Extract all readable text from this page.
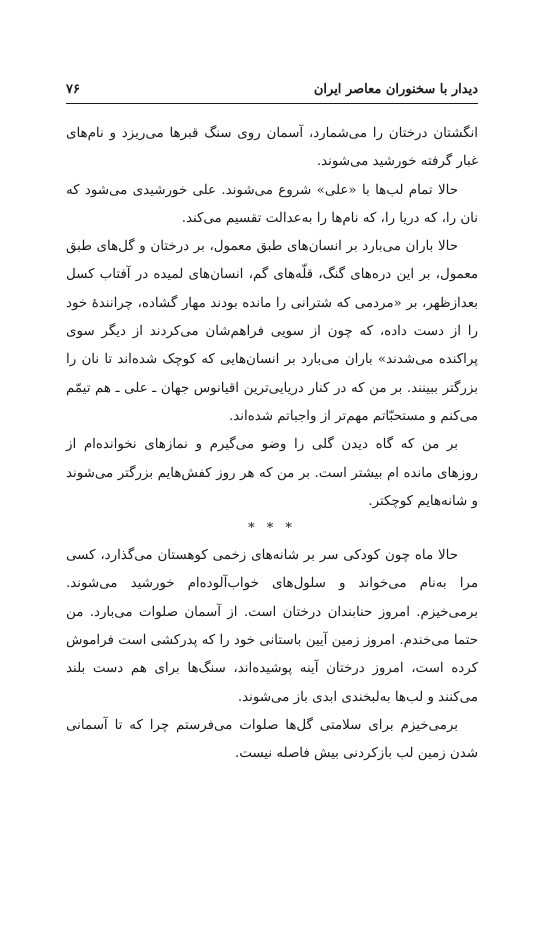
دیدار با سخنوران معاصر ایران
۷۶

انگشتان درختان را می‌شمارد، آسمان روی سنگ قبرها می‌ریزد و نام‌های غبار گرفته خورشید می‌شوند.

حالا تمام لب‌ها با «علی» شروع می‌شوند. علی خورشیدی می‌شود که نان را، که دریا را، که نام‌ها را به‌عدالت تقسیم می‌کند.

حالا باران می‌بارد بر انسان‌های طبق معمول، بر درختان و گل‌های طبق معمول، بر این دره‌های گنگ، قلّه‌های گم، انسان‌های لمیده در آفتاب کسل بعدازظهر، بر «مردمی که شترانی را مانده بودند مهار گشاده، چرانندهٔ خود را از دست داده، که چون از سویی فراهم‌شان می‌کردند از دیگر سوی پراکنده می‌شدند» باران می‌بارد بر انسان‌هایی که کوچک شده‌اند تا نان را بزرگتر ببینند. بر من که در کنار دریایی‌ترین اقیانوس جهان ـ علی ـ هم تیمّم می‌کنم و مستحبّاتم مهم‌تر از واجباتم شده‌اند.

بر من که گاه دیدن گلی را وضو می‌گیرم و نمازهای نخوانده‌ام از روزهای مانده ام بیشتر است. بر من که هر روز کفش‌هایم بزرگتر می‌شوند و شانه‌هایم کوچکتر.

* * *

حالا ماه چون کودکی سر بر شانه‌های زخمی کوهستان می‌گذارد، کسی مرا به‌نام می‌خواند و سلول‌های خواب‌آلوده‌ام خورشید می‌شوند. برمی‌خیزم. امروز حنابندان درختان است. از آسمان صلوات می‌بارد. من حتما می‌خندم. امروز زمین آیین باستانی خود را که پدرکشی است فراموش کرده است، امروز درختان آینه پوشیده‌اند، سنگ‌ها برای هم دست بلند می‌کنند و لب‌ها به‌لبخندی ابدی باز می‌شوند.

برمی‌خیزم برای سلامتی گل‌ها صلوات می‌فرستم چرا که تا آسمانی شدن زمین لب بازکردنی بیش فاصله نیست.
